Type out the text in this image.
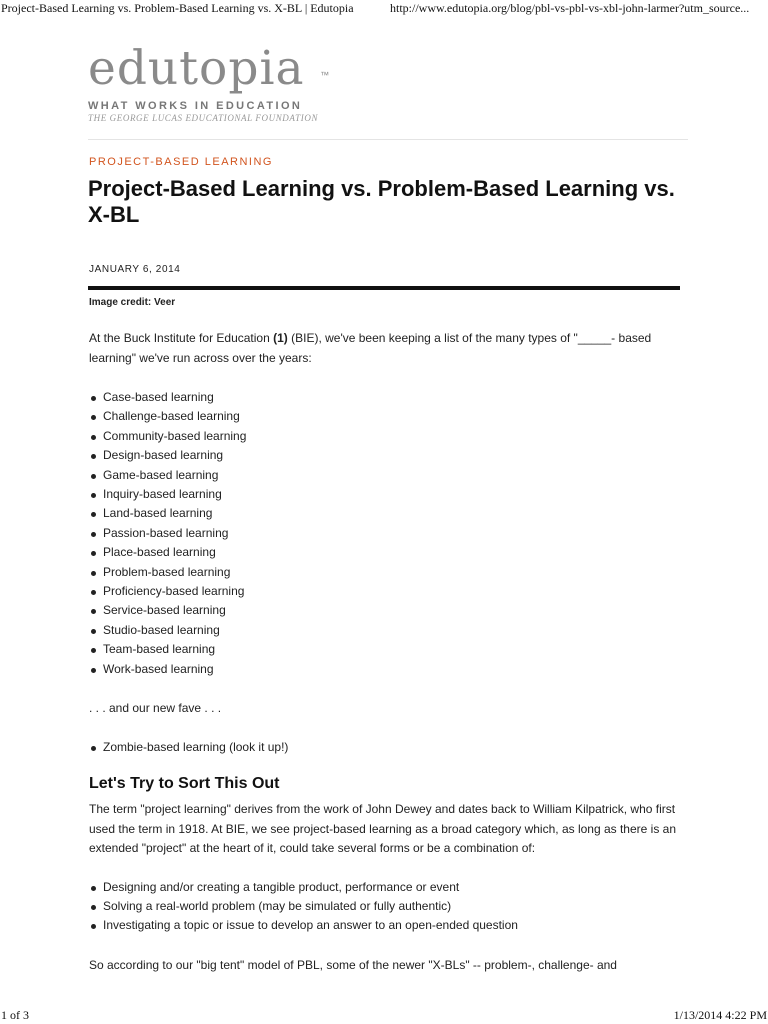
Project-Based Learning vs. Problem-Based Learning vs. X-BL | Edutopia	http://www.edutopia.org/blog/pbl-vs-pbl-vs-xbl-john-larmer?utm_source...
edutopia ™
WHAT WORKS IN EDUCATION
THE GEORGE LUCAS EDUCATIONAL FOUNDATION
PROJECT-BASED LEARNING
Project-Based Learning vs. Problem-Based Learning vs. X-BL
JANUARY 6, 2014
Image credit: Veer

At the Buck Institute for Education (1) (BIE), we've been keeping a list of the many types of "_____- based learning" we've run across over the years:

Case-based learning
Challenge-based learning
Community-based learning
Design-based learning
Game-based learning
Inquiry-based learning
Land-based learning
Passion-based learning
Place-based learning
Problem-based learning
Proficiency-based learning
Service-based learning
Studio-based learning
Team-based learning
Work-based learning

. . . and our new fave . . .

Zombie-based learning (look it up!)
Let's Try to Sort This Out

The term "project learning" derives from the work of John Dewey and dates back to William Kilpatrick, who first used the term in 1918. At BIE, we see project-based learning as a broad category which, as long as there is an extended "project" at the heart of it, could take several forms or be a combination of:

Designing and/or creating a tangible product, performance or event
Solving a real-world problem (may be simulated or fully authentic)
Investigating a topic or issue to develop an answer to an open-ended question

So according to our "big tent" model of PBL, some of the newer "X-BLs" -- problem-, challenge- and

1 of 3	1/13/2014 4:22 PM
